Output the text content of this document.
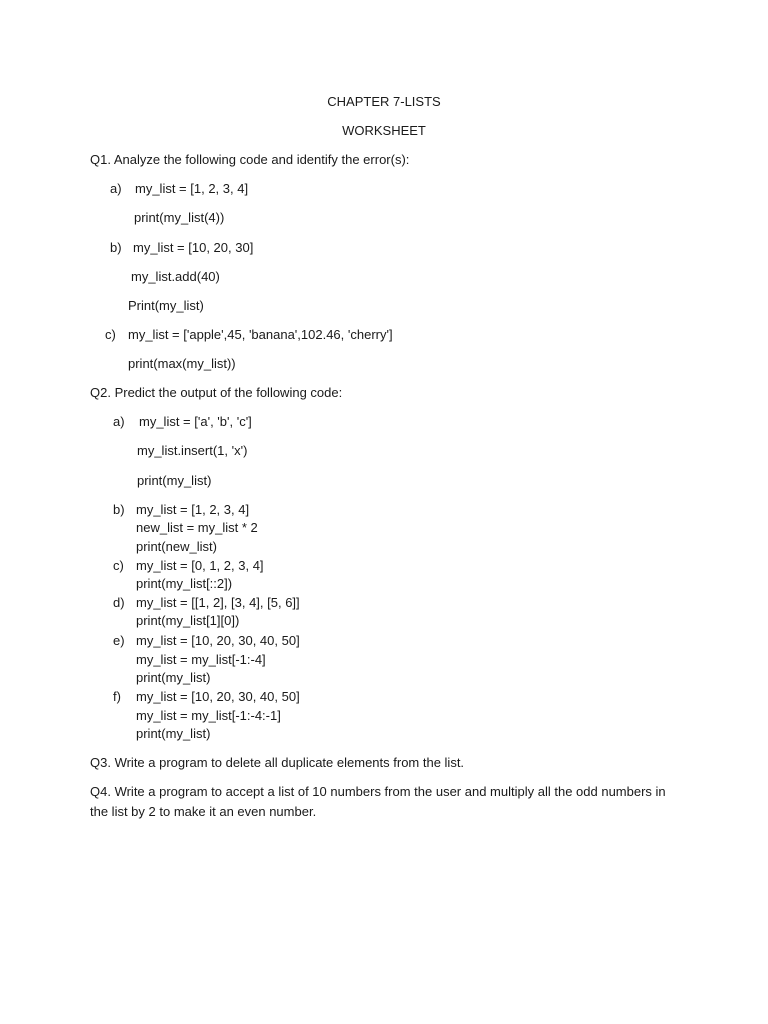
CHAPTER 7-LISTS
WORKSHEET
Q1. Analyze the following code and identify the error(s):
a) my_list = [1, 2, 3, 4]
print(my_list(4))
b) my_list = [10, 20, 30]
my_list.add(40)
Print(my_list)
c) my_list = ['apple',45, 'banana',102.46, 'cherry']
print(max(my_list))
Q2. Predict the output of the following code:
a) my_list = ['a', 'b', 'c']
my_list.insert(1, 'x')
print(my_list)
b) my_list = [1, 2, 3, 4]
new_list = my_list * 2
print(new_list)
c) my_list = [0, 1, 2, 3, 4]
print(my_list[::2])
d) my_list = [[1, 2], [3, 4], [5, 6]]
print(my_list[1][0])
e) my_list = [10, 20, 30, 40, 50]
my_list = my_list[-1:-4]
print(my_list)
f) my_list = [10, 20, 30, 40, 50]
my_list = my_list[-1:-4:-1]
print(my_list)
Q3. Write a program to delete all duplicate elements from the list.
Q4. Write a program to accept a list of 10 numbers from the user and multiply all the odd numbers in
the list by 2 to make it an even number.
